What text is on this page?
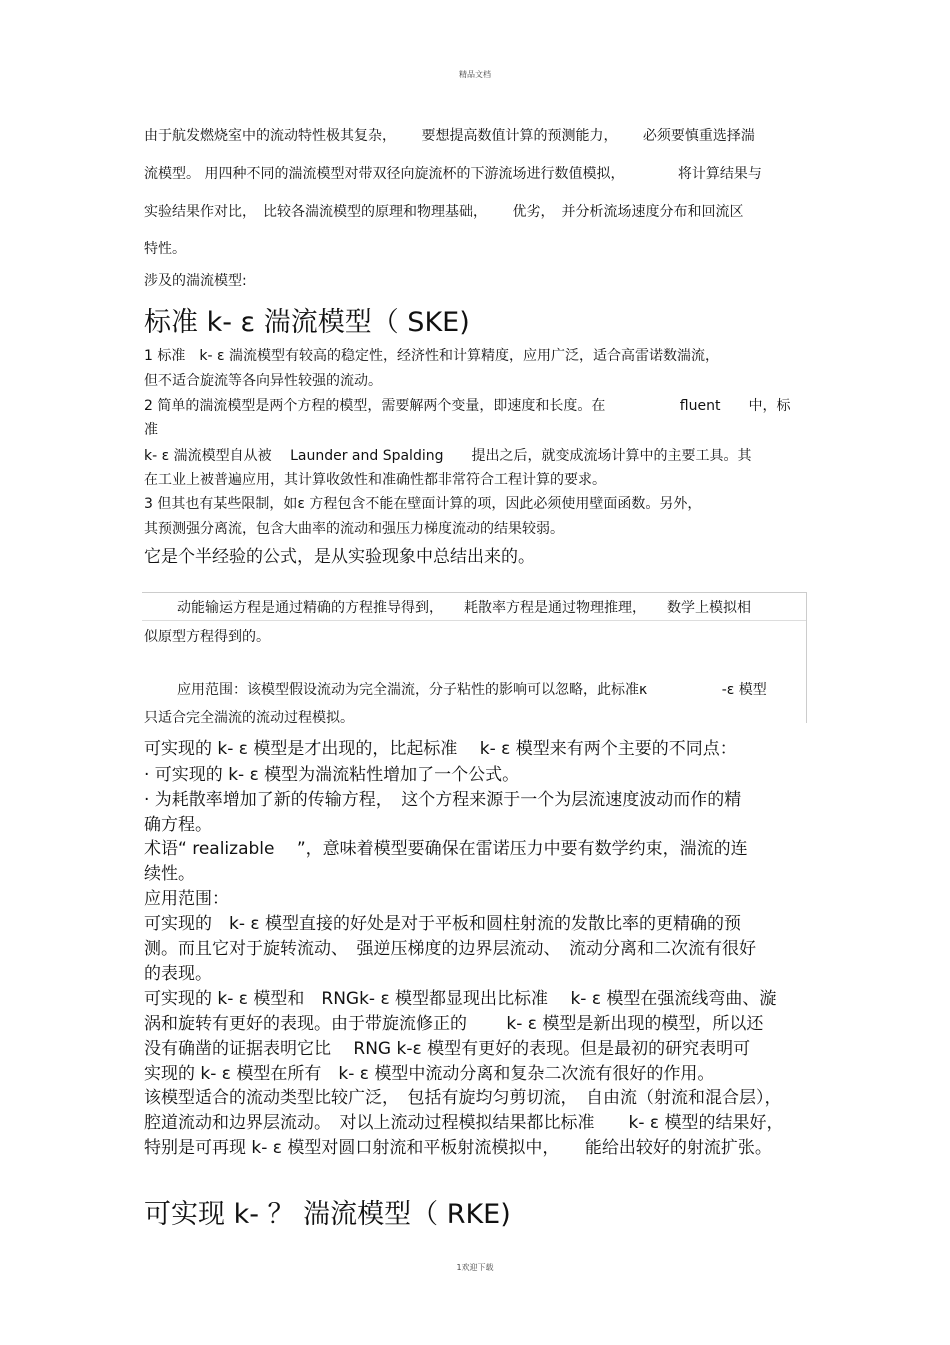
精品文档
由于航发燃烧室中的流动特性极其复杂，　　 要想提高数值计算的预测能力，　　 必须要慎重选择湍
流模型。 用四种不同的湍流模型对带双径向旋流杯的下游流场进行数值模拟，　　　　 将计算结果与
实验结果作对比，　比较各湍流模型的原理和物理基础，　　 优劣，　并分析流场速度分布和回流区
特性。
涉及的湍流模型:
标准 k- ε 湍流模型（ SKE)
1 标准　k- ε 湍流模型有较高的稳定性，经济性和计算精度，应用广泛，适合高雷诺数湍流，
但不适合旋流等各向异性较强的流动。
2 简单的湍流模型是两个方程的模型，需要解两个变量，即速度和长度。在　　　　　 fluent　　中，标
准
k- ε 湍流模型自从被　 Launder and Spalding　　提出之后，就变成流场计算中的主要工具。其
在工业上被普遍应用，其计算收敛性和准确性都非常符合工程计算的要求。
3 但其也有某些限制，如ε 方程包含不能在壁面计算的项，因此必须使用壁面函数。另外，
其预测强分离流，包含大曲率的流动和强压力梯度流动的结果较弱。
它是个半经验的公式，是从实验现象中总结出来的。
动能输运方程是通过精确的方程推导得到，　　耗散率方程是通过物理推理，　　数学上模拟相
似原型方程得到的。
应用范围：该模型假设流动为完全湍流，分子粘性的影响可以忽略，此标准κ　　　　　 -ε 模型
只适合完全湍流的流动过程模拟。
可实现的 k- ε 模型是才出现的，比起标准　 k- ε 模型来有两个主要的不同点：
· 可实现的 k- ε 模型为湍流粘性增加了一个公式。
· 为耗散率增加了新的传输方程，　这个方程来源于一个为层流速度波动而作的精
确方程。
术语“ realizable　 ”，意味着模型要确保在雷诺压力中要有数学约束，湍流的连
续性。
应用范围：
可实现的　k- ε 模型直接的好处是对于平板和圆柱射流的发散比率的更精确的预
测。而且它对于旋转流动、　强逆压梯度的边界层流动、　流动分离和二次流有很好
的表现。
可实现的 k- ε 模型和　RNGk- ε 模型都显现出比标准　 k- ε 模型在强流线弯曲、漩
涡和旋转有更好的表现。由于带旋流修正的　　 k- ε 模型是新出现的模型，所以还
没有确凿的证据表明它比　 RNG k-ε 模型有更好的表现。但是最初的研究表明可
实现的 k- ε 模型在所有　k- ε 模型中流动分离和复杂二次流有很好的作用。
该模型适合的流动类型比较广泛，　包括有旋均匀剪切流，　自由流（射流和混合层），
腔道流动和边界层流动。　对以上流动过程模拟结果都比标准　　k- ε 模型的结果好，
特别是可再现 k- ε 模型对圆口射流和平板射流模拟中，　　能给出较好的射流扩张。
可实现 k- ？ 湍流模型（ RKE)
1欢迎下载
